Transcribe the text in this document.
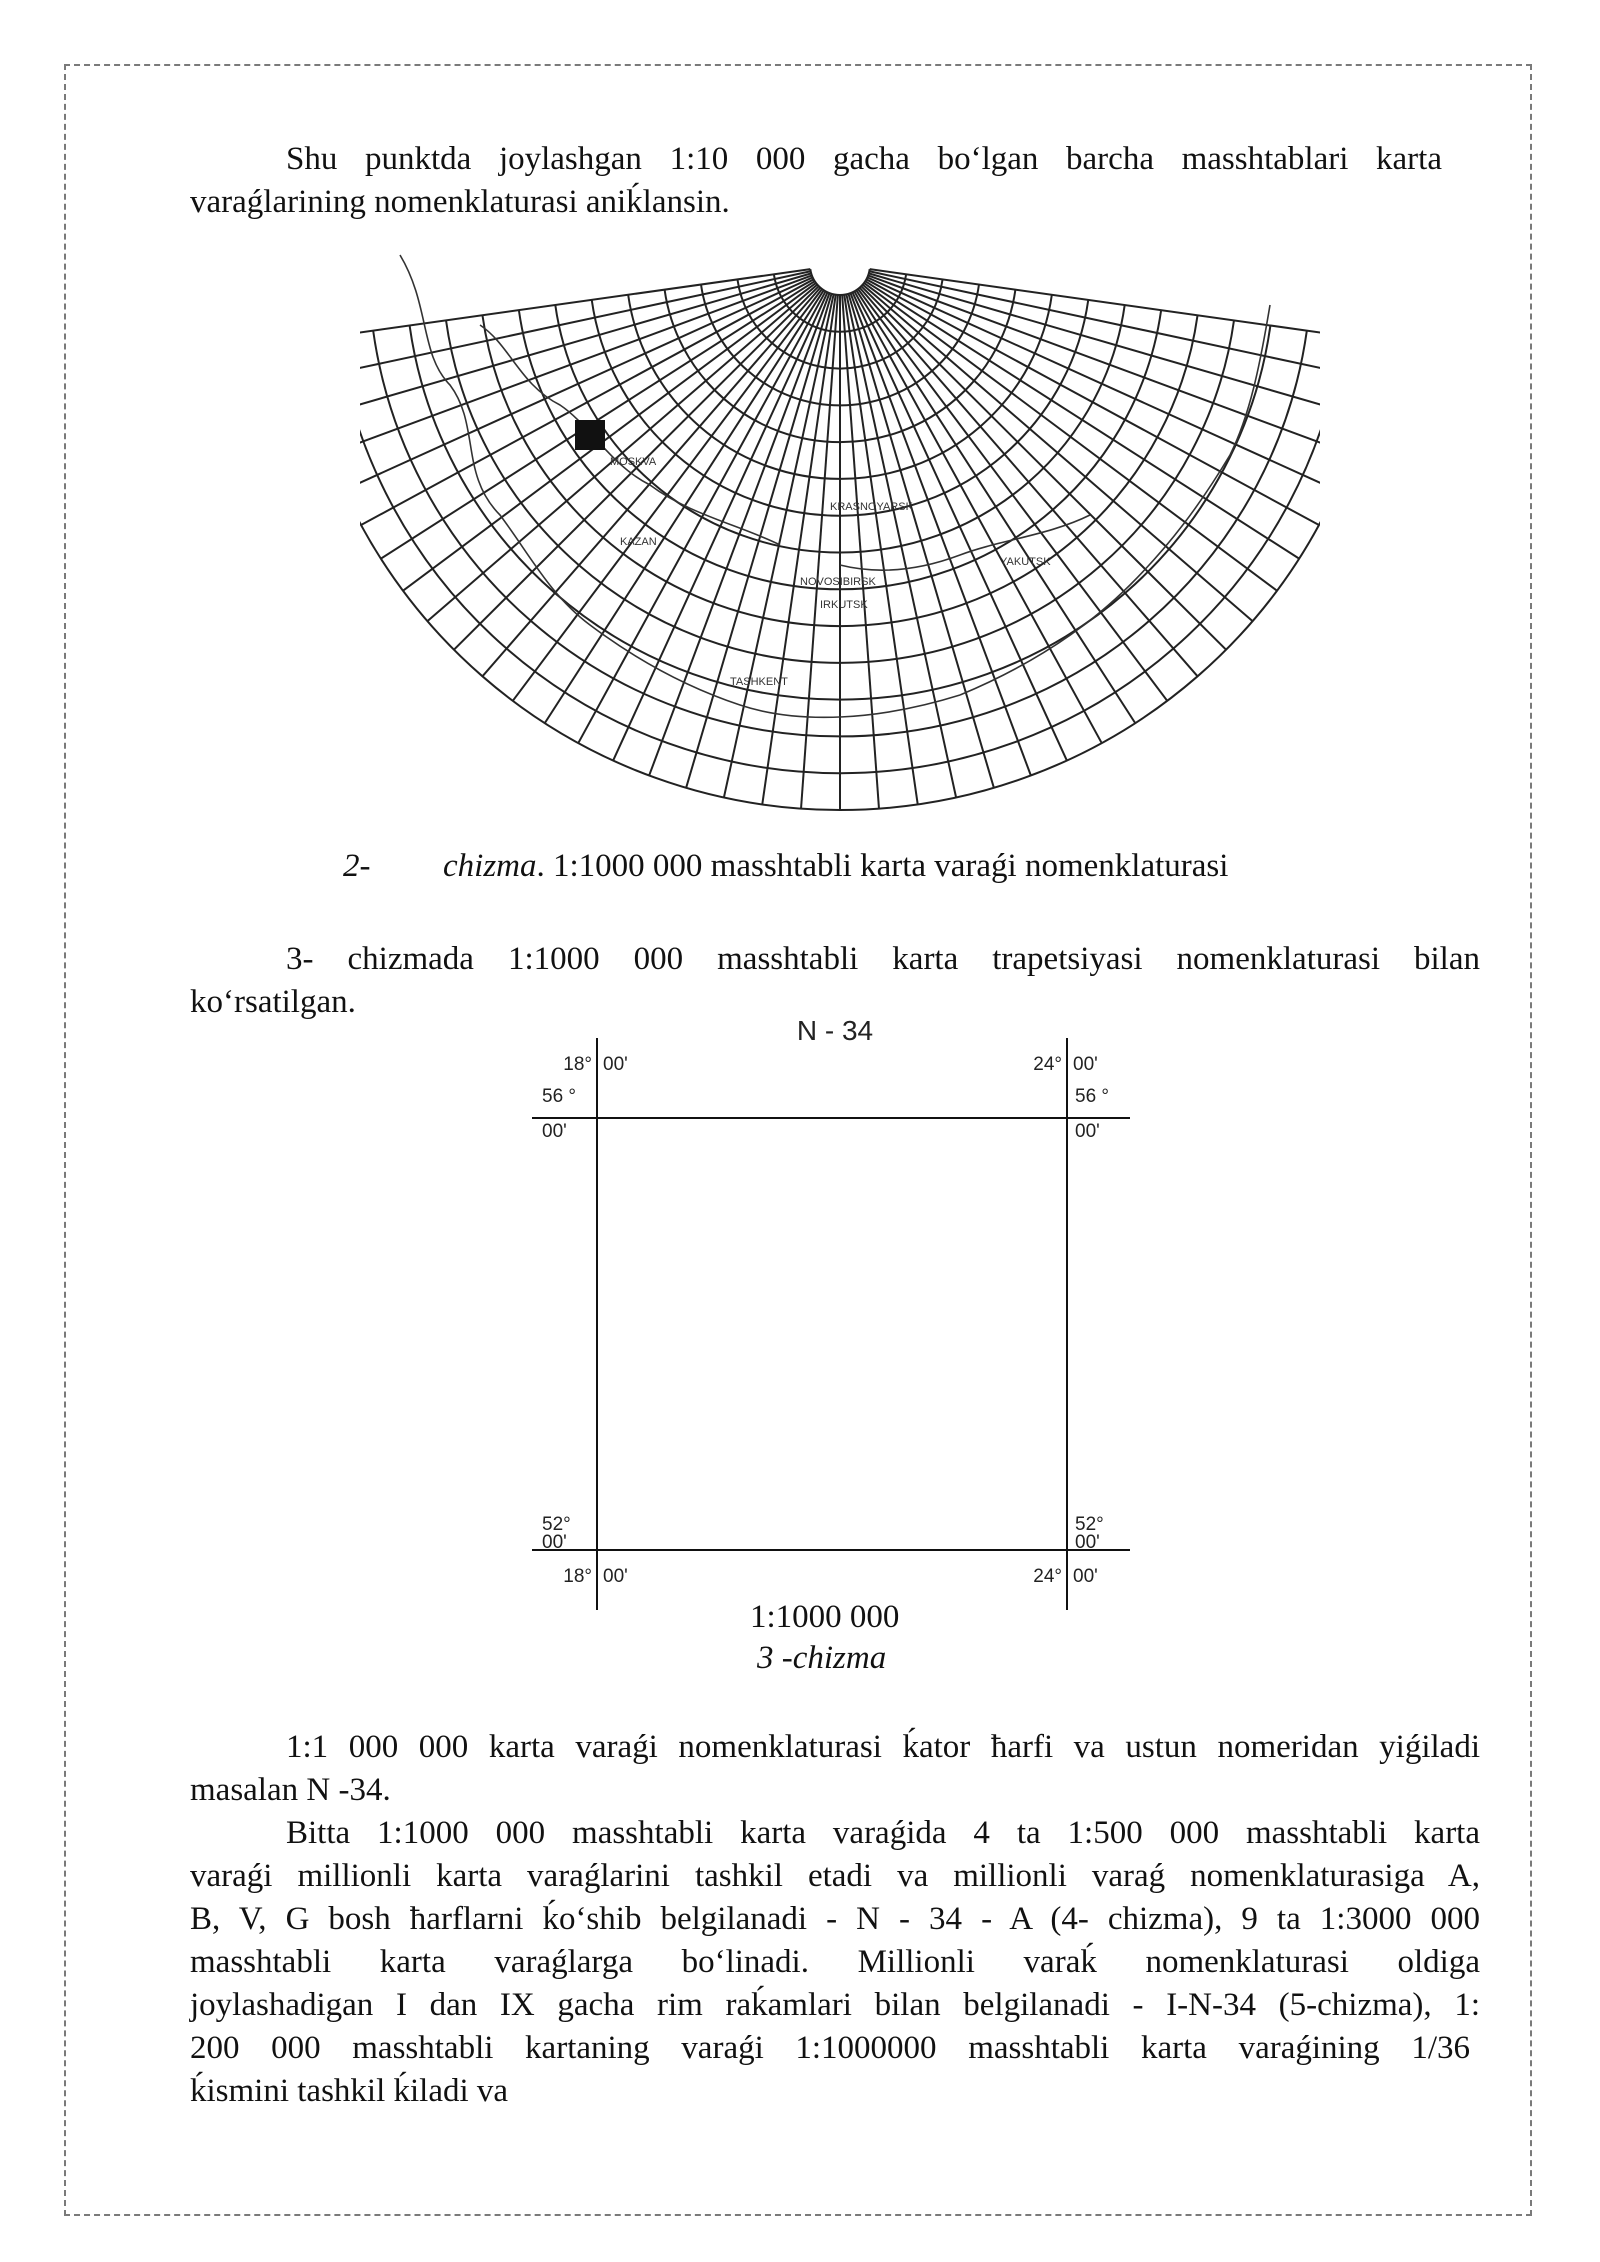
Shu punktda joylashgan 1:10 000 gacha boʻlgan barcha masshtablari karta
varaǵlarining nomenklaturasi aniḱlansin.
MOSKVA
KAZAN
NOVOSIBIRSK
IRKUTSK
TASHKENT
YAKUTSK
KRASNOYARSK
2- chizma. 1:1000 000 masshtabli karta varaǵi nomenklaturasi
3- chizmada 1:1000 000 masshtabli karta trapetsiyasi nomenklaturasi bilan
koʻrsatilgan.
N - 34
18° 00'	24° 00'
56 °
00'
56 °
00'
52°
00'
52°
00'
18° 00'	24° 00'
1:1000 000
3 -chizma
1:1 000 000 karta varaǵi nomenklaturasi ḱator ħarfi va ustun nomeridan yiǵiladi
masalan N -34.
Bitta 1:1000 000 masshtabli karta varaǵida 4 ta 1:500 000 masshtabli karta
varaǵi millionli karta varaǵlarini tashkil etadi va millionli varaǵ nomenklaturasiga A,
B, V, G bosh ħarflarni ḱoʻshib belgilanadi - N - 34 - A (4- chizma), 9 ta 1:3000 000
masshtabli karta varaǵlarga boʻlinadi. Millionli varaḱ nomenklaturasi oldiga
joylashadigan I dan IX gacha rim raḱamlari bilan belgilanadi - I-N-34 (5-chizma), 1:
200 000 masshtabli kartaning varaǵi 1:1000000 masshtabli karta varaǵining 1/36
ḱismini tashkil ḱiladi va
